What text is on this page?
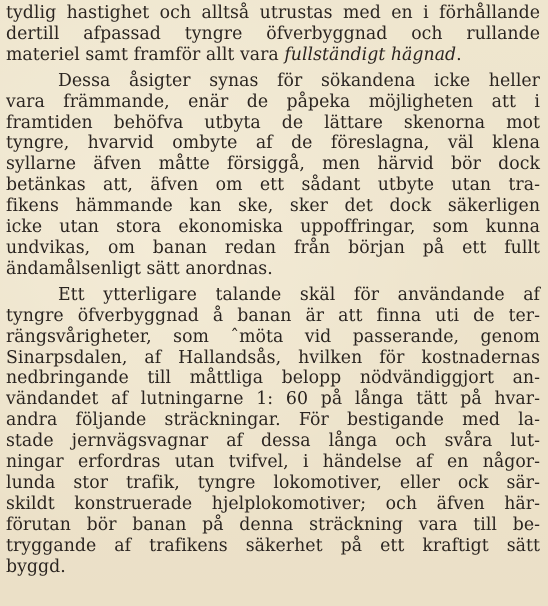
tydlig hastighet och alltså utrustas med en i förhållande
dertill afpassad tyngre öfverbyggnad och rullande
materiel samt framför allt vara fullständigt hägnad.
Dessa åsigter synas för sökandena icke heller
vara främmande, enär de påpeka möjligheten att i
framtiden behöfva utbyta de lättare skenorna mot
tyngre, hvarvid ombyte af de föreslagna, väl klena
syllarne äfven måtte försiggå, men härvid bör dock
betänkas att, äfven om ett sådant utbyte utan tra-
fikens hämmande kan ske, sker det dock säkerligen
icke utan stora ekonomiska uppoffringar, som kunna
undvikas, om banan redan från början på ett fullt
ändamålsenligt sätt anordnas.
Ett ytterligare talande skäl för användande af
tyngre öfverbyggnad å banan är att finna uti de ter-
rängsvårigheter, som ˆmöta vid passerande, genom
Sinarpsdalen, af Hallandsås, hvilken för kostnadernas
nedbringande till måttliga belopp nödvändiggjort an-
vändandet af lutningarne 1: 60 på långa tätt på hvar-
andra följande sträckningar. För bestigande med la-
stade jernvägsvagnar af dessa långa och svåra lut-
ningar erfordras utan tvifvel, i händelse af en någor-
lunda stor trafik, tyngre lokomotiver, eller ock sär-
skildt konstruerade hjelplokomotiver; och äfven här-
förutan bör banan på denna sträckning vara till be-
tryggande af trafikens säkerhet på ett kraftigt sätt
byggd.
